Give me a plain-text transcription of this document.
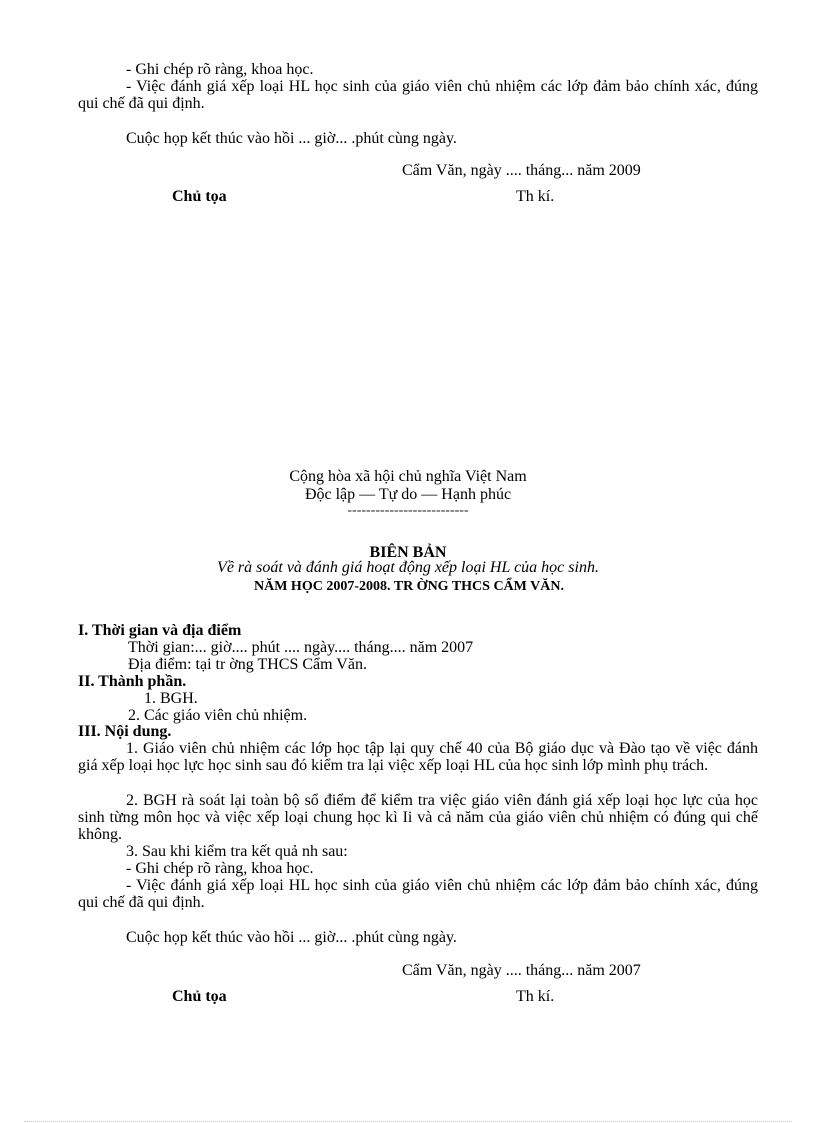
- Ghi chép rõ ràng, khoa học.
- Việc đánh giá xếp loại HL học sinh của giáo viên chủ nhiệm các lớp đảm bảo chính xác, đúng qui chế đã qui định.
Cuộc họp kết thúc vào hồi ... giờ... .phút cùng ngày.
Cẩm Văn, ngày .... tháng... năm 2009
Chủ tọa	Th kí.
Cộng hòa xã hội chủ nghĩa Việt Nam
Độc lập — Tự do — Hạnh phúc
--------------------------
BIÊN BẢN
Về rà soát và đánh giá hoạt động xếp loại HL của học sinh.
NĂM HỌC 2007-2008. TR ỜNG THCS CẨM VĂN.
I. Thời gian và địa điểm
Thời gian:... giờ.... phút .... ngày.... tháng.... năm 2007
Địa điểm: tại tr ờng THCS Cẩm Văn.
II. Thành phần.
1. BGH.
2. Các giáo viên chủ nhiệm.
III. Nội dung.
1. Giáo viên chủ nhiệm các lớp học tập lại quy chế 40 của Bộ giáo dục và Đào tạo về việc đánh giá xếp loại học lực học sinh sau đó kiểm tra lại việc xếp loại HL của học sinh lớp mình phụ trách.
2. BGH rà soát lại toàn bộ sổ điểm để kiểm tra việc giáo viên đánh giá xếp loại học lực của học sinh từng môn học và việc xếp loại chung học kì Ii và cả năm của giáo viên chủ nhiệm có đúng qui chế không.
3. Sau khi kiểm tra kết quả nh sau:
- Ghi chép rõ ràng, khoa học.
- Việc đánh giá xếp loại HL học sinh của giáo viên chủ nhiệm các lớp đảm bảo chính xác, đúng qui chế đã qui định.
Cuộc họp kết thúc vào hồi ... giờ... .phút cùng ngày.
Cẩm Văn, ngày .... tháng... năm 2007
Chủ tọa	Th kí.
